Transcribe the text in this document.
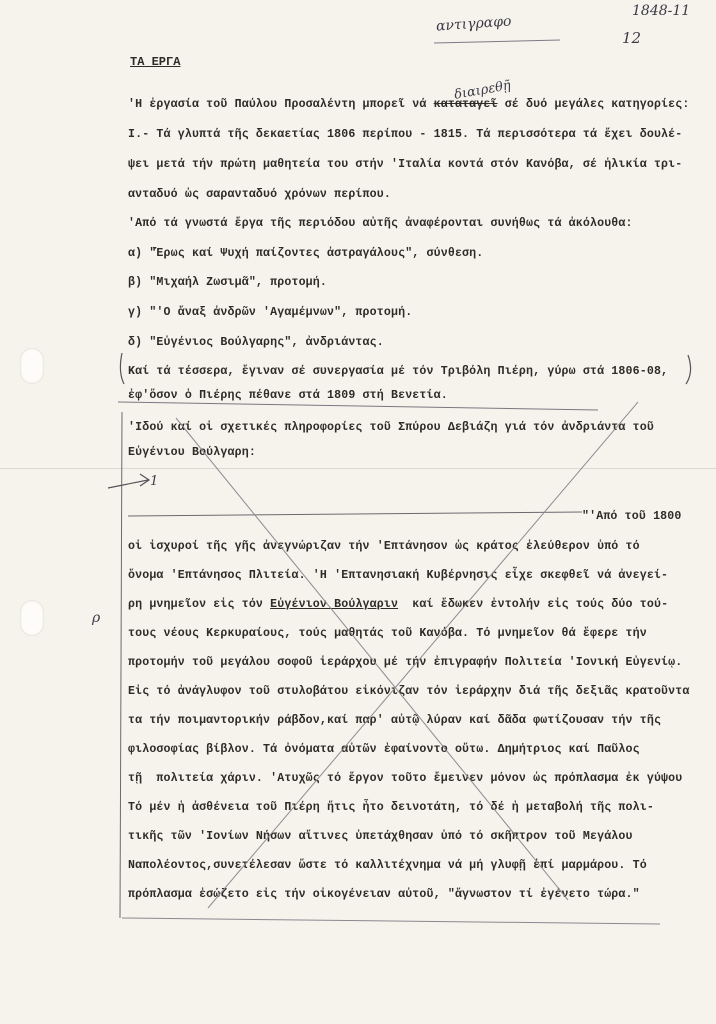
αντιγραφο
1848-11
12
διαιρεθῇ
ρ
1
ΤΑ ΕΡΓΑ
'Η ἐργασία τοῦ Παύλου Προσαλέντη μπορεῖ νά καταταγεῖ σέ δυό μεγάλες κατηγορίες:
Ι.- Τά γλυπτά τῆς δεκαετίας 1806 περίπου - 1815. Τά περισσότερα τά ἔχει δουλέ-
ψει μετά τήν πρώτη μαθητεία του στήν 'Ιταλία κοντά στόν Κανόβα, σέ ἡλικία τρι-
ανταδυό ὡς σαρανταδυό χρόνων περίπου.
'Από τά γνωστά ἔργα τῆς περιόδου αὐτῆς ἀναφέρονται συνήθως τά ἀκόλουθα:
α) "Ἔρως καί Ψυχή παίζοντες ἀστραγάλους", σύνθεση.
β) "Μιχαήλ Ζωσιμᾶ", προτομή.
γ) "'Ο ἄναξ ἀνδρῶν 'Αγαμέμνων", προτομή.
δ) "Εὐγένιος Βούλγαρης", ἀνδριάντας.
Καί τά τέσσερα, ἔγιναν σέ συνεργασία μέ τόν Τριβόλη Πιέρη, γύρω στά 1806-08,
ἐφ'ὅσον ὁ Πιέρης πέθανε στά 1809 στή Βενετία.
'Ιδού καί οἱ σχετικές πληροφορίες τοῦ Σπύρου Δεβιάζη γιά τόν ἀνδριάντα τοῦ
Εὐγένιου Βούλγαρη:
"'Από τοῦ 1800
οἱ ἰσχυροί τῆς γῆς ἀνεγνώριζαν τήν 'Επτάνησον ὡς κράτος ἐλεύθερον ὑπό τό
ὄνομα 'Επτάνησος Πλιτεία. 'Η 'Επτανησιακή Κυβέρνησις εἶχε σκεφθεῖ νά ἀνεγεί-
ρη μνημεῖον εἰς τόν Εὐγένιον Βούλγαριν  καί ἔδωκεν ἐντολήν εἰς τούς δύο τού-
τους νέους Κερκυραίους, τούς μαθητάς τοῦ Κανόβα. Τό μνημεῖον θά ἔφερε τήν
προτομήν τοῦ μεγάλου σοφοῦ ἱεράρχου μέ τήν ἐπιγραφήν Πολιτεία 'Ιονική Εὐγενίῳ.
Εἰς τό ἀνάγλυφον τοῦ στυλοβάτου εἰκόνιζαν τόν ἱεράρχην διά τῆς δεξιᾶς κρατοῦντα
τα τήν ποιμαντορικήν ράβδον,καί παρ' αὐτῷ λύραν καί δᾶδα φωτίζουσαν τήν τῆς
φιλοσοφίας βίβλον. Τά ὀνόματα αὐτῶν ἐφαίνοντο οὕτω. Δημήτριος καί Παῦλος
τῇ  πολιτεία χάριν. 'Ατυχῶς τό ἔργον τοῦτο ἔμεινεν μόνον ὡς πρόπλασμα ἐκ γύψου
Τό μέν ἡ ἀσθένεια τοῦ Πιέρη ἥτις ἦτο δεινοτάτη, τό δέ ἡ μεταβολή τῆς πολι-
τικῆς τῶν 'Ιονίων Νήσων αἵτινες ὑπετάχθησαν ὑπό τό σκῆπτρον τοῦ Μεγάλου
Ναπολέοντος,συνετέλεσαν ὥστε τό καλλιτέχνημα νά μή γλυφῇ ἐπί μαρμάρου. Τό
πρόπλασμα ἐσώζετο εἰς τήν οἰκογένειαν αὐτοῦ, "ἄγνωστον τί ἐγένετο τώρα."
